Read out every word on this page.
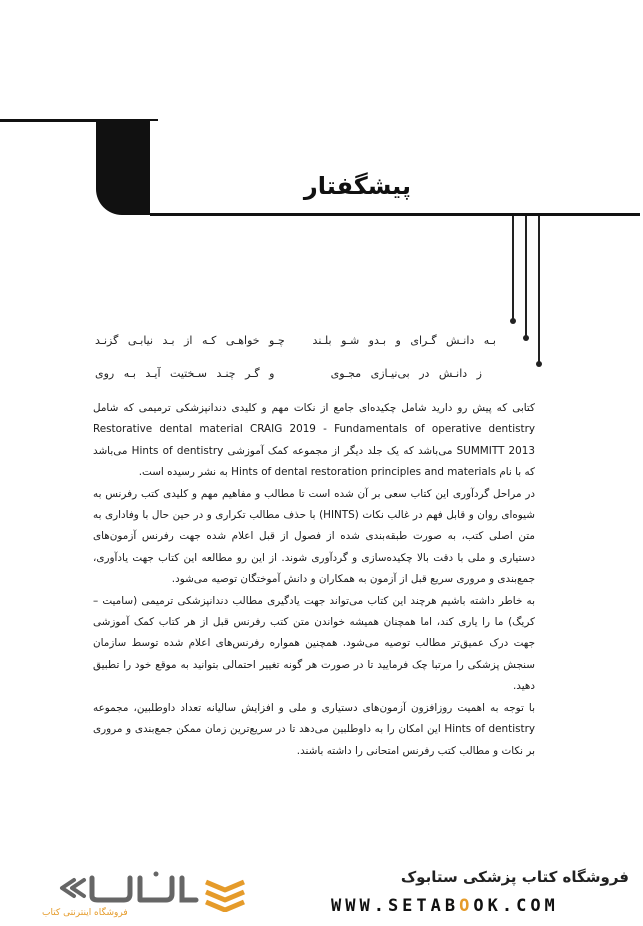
پیشگفتار
بـه دانـش گـرای و بـدو شـو بلـند
چـو خواهـی کـه از بـد نیابـی گزنـد
ز دانـش در بی‌نیـازی مجـوی
و گـر چنـد سـختیت آیـد بـه روی

کتابی که پیش رو دارید شامل چکیده‌ای جامع از نکات مهم و کلیدی دندانپزشکی ترمیمی که شامل Restorative dental material CRAIG 2019 - Fundamentals of operative dentistry SUMMITT 2013 می‌باشد که یک جلد دیگر از مجموعه کمک آموزشی Hints of dentistry می‌باشد که با نام Hints of dental restoration principles and materials به نشر رسیده است.

در مراحل گردآوری این کتاب سعی بر آن شده است تا مطالب و مفاهیم مهم و کلیدی کتب رفرنس به شیوه‌ای روان و قابل فهم در غالب نکات (HINTS) با حذف مطالب تکراری و در حین حال با وفاداری به متن اصلی کتب، به صورت طبقه‌بندی شده از فصول از قبل اعلام شده جهت رفرنس آزمون‌های دستیاری و ملی با دقت بالا چکیده‌سازی و گردآوری شوند. از این رو مطالعه این کتاب جهت یادآوری، جمع‌بندی و مروری سریع قبل از آزمون به همکاران و دانش آموختگان توصیه می‌شود.

به خاطر داشته باشیم هرچند این کتاب می‌تواند جهت یادگیری مطالب دندانپزشکی ترمیمی (سامیت – کریگ) ما را یاری کند، اما همچنان همیشه خواندن متن کتب رفرنس قبل از هر کتاب کمک آموزشی جهت درک عمیق‌تر مطالب توصیه می‌شود. همچنین همواره رفرنس‌های اعلام شده توسط سازمان سنجش پزشکی را مرتبا چک فرمایید تا در صورت هر گونه تغییر احتمالی بتوانید به موقع خود را تطبیق دهید.

با توجه به اهمیت روزافزون آزمون‌های دستیاری و ملی و افزایش سالیانه تعداد داوطلبین، مجموعه Hints of dentistry این امکان را به داوطلبین می‌دهد تا در سریع‌ترین زمان ممکن جمع‌بندی و مروری بر نکات و مطالب کتب رفرنس امتحانی را داشته باشند.

فروشگاه اینترنتی کتاب
فروشگاه کتاب پزشکی ستابوک
WWW.SETABOOK.COM
